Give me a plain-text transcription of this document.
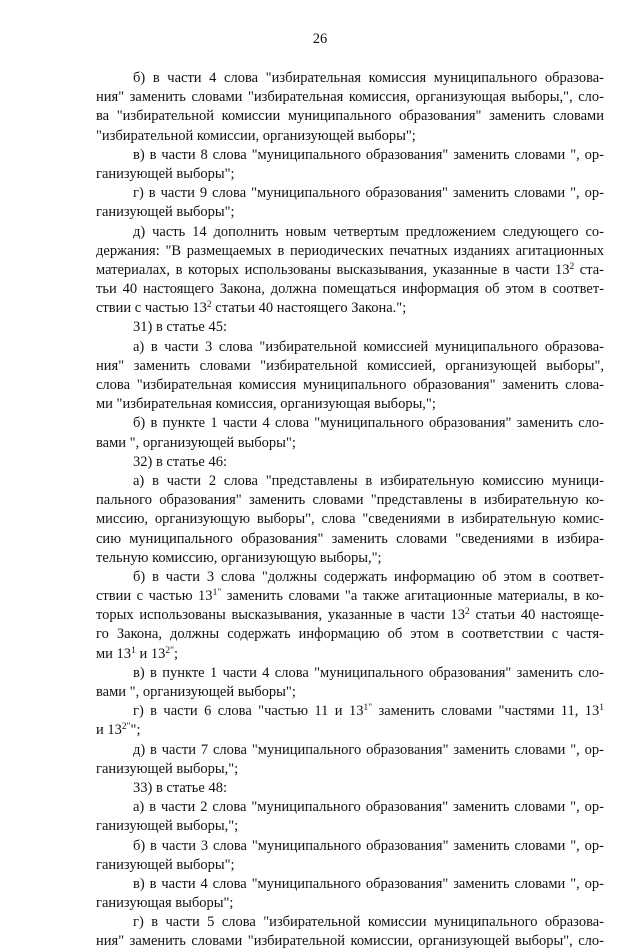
26
б) в части 4 слова "избирательная комиссия муниципального образова-
ния" заменить словами "избирательная комиссия, организующая выборы,", сло-
ва "избирательной комиссии муниципального образования" заменить словами
"избирательной комиссии, организующей выборы";
в) в части 8 слова "муниципального образования" заменить словами ", ор-
ганизующей выборы";
г) в части 9 слова "муниципального образования" заменить словами ", ор-
ганизующей выборы";
д) часть 14 дополнить новым четвертым предложением следующего со-
держания: "В размещаемых в периодических печатных изданиях агитационных
материалах, в которых использованы высказывания, указанные в части $13^2$ ста-
тьи 40 настоящего Закона, должна помещаться информация об этом в соответ-
ствии с частью $13^2$ статьи 40 настоящего Закона.";
31) в статье 45:
а) в части 3 слова "избирательной комиссией муниципального образова-
ния" заменить словами "избирательной комиссией, организующей выборы",
слова "избирательная комиссия муниципального образования" заменить слова-
ми "избирательная комиссия, организующая выборы,";
б) в пункте 1 части 4 слова "муниципального образования" заменить сло-
вами ", организующей выборы";
32) в статье 46:
а) в части 2 слова "представлены в избирательную комиссию муници-
пального образования" заменить словами "представлены в избирательную ко-
миссию, организующую выборы", слова "сведениями в избирательную комис-
сию муниципального образования" заменить словами "сведениями в избира-
тельную комиссию, организующую выборы,";
б) в части 3 слова "должны содержать информацию об этом в соответ-
ствии с частью $13^{1"}$ заменить словами "а также агитационные материалы, в ко-
торых использованы высказывания, указанные в части $13^2$ статьи 40 настояще-
го Закона, должны содержать информацию об этом в соответствии с частя-
ми $13^1$ и $13^{2"}$;
в) в пункте 1 части 4 слова "муниципального образования" заменить сло-
вами ", организующей выборы";
г) в части 6 слова "частью 11 и $13^{1"}$ заменить словами "частями 11, $13^1$
и $13^{2"}$";
д) в части 7 слова "муниципального образования" заменить словами ", ор-
ганизующей выборы,";
33) в статье 48:
а) в части 2 слова "муниципального образования" заменить словами ", ор-
ганизующей выборы,";
б) в части 3 слова "муниципального образования" заменить словами ", ор-
ганизующей выборы";
в) в части 4 слова "муниципального образования" заменить словами ", ор-
ганизующая выборы";
г) в части 5 слова "избирательной комиссии муниципального образова-
ния" заменить словами "избирательной комиссии, организующей выборы", сло-
